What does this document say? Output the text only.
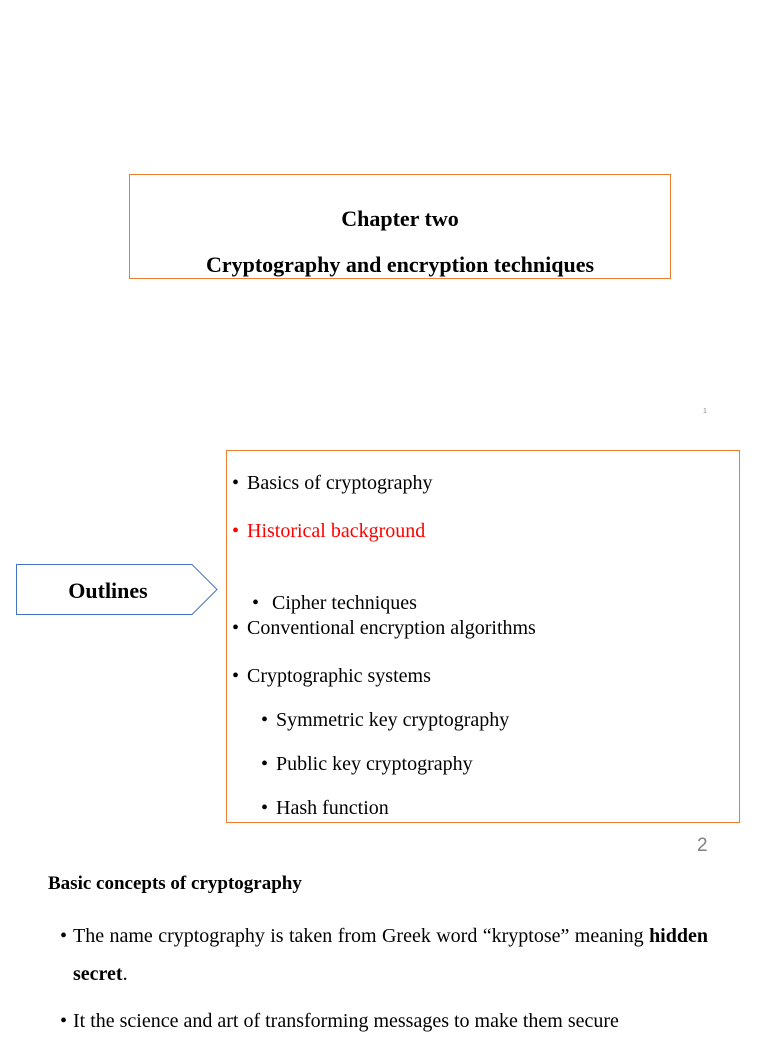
Chapter two
Cryptography and encryption techniques
1
Outlines
• Basics of cryptography
• Historical background

• Cipher techniques

• Conventional encryption algorithms
• Cryptographic systems
• Symmetric key cryptography
• Public key cryptography
• Hash function
2
Basic concepts of cryptography
• The name cryptography is taken from Greek word “kryptose” meaning hidden secret.
• It the science and art of transforming messages to make them secure
